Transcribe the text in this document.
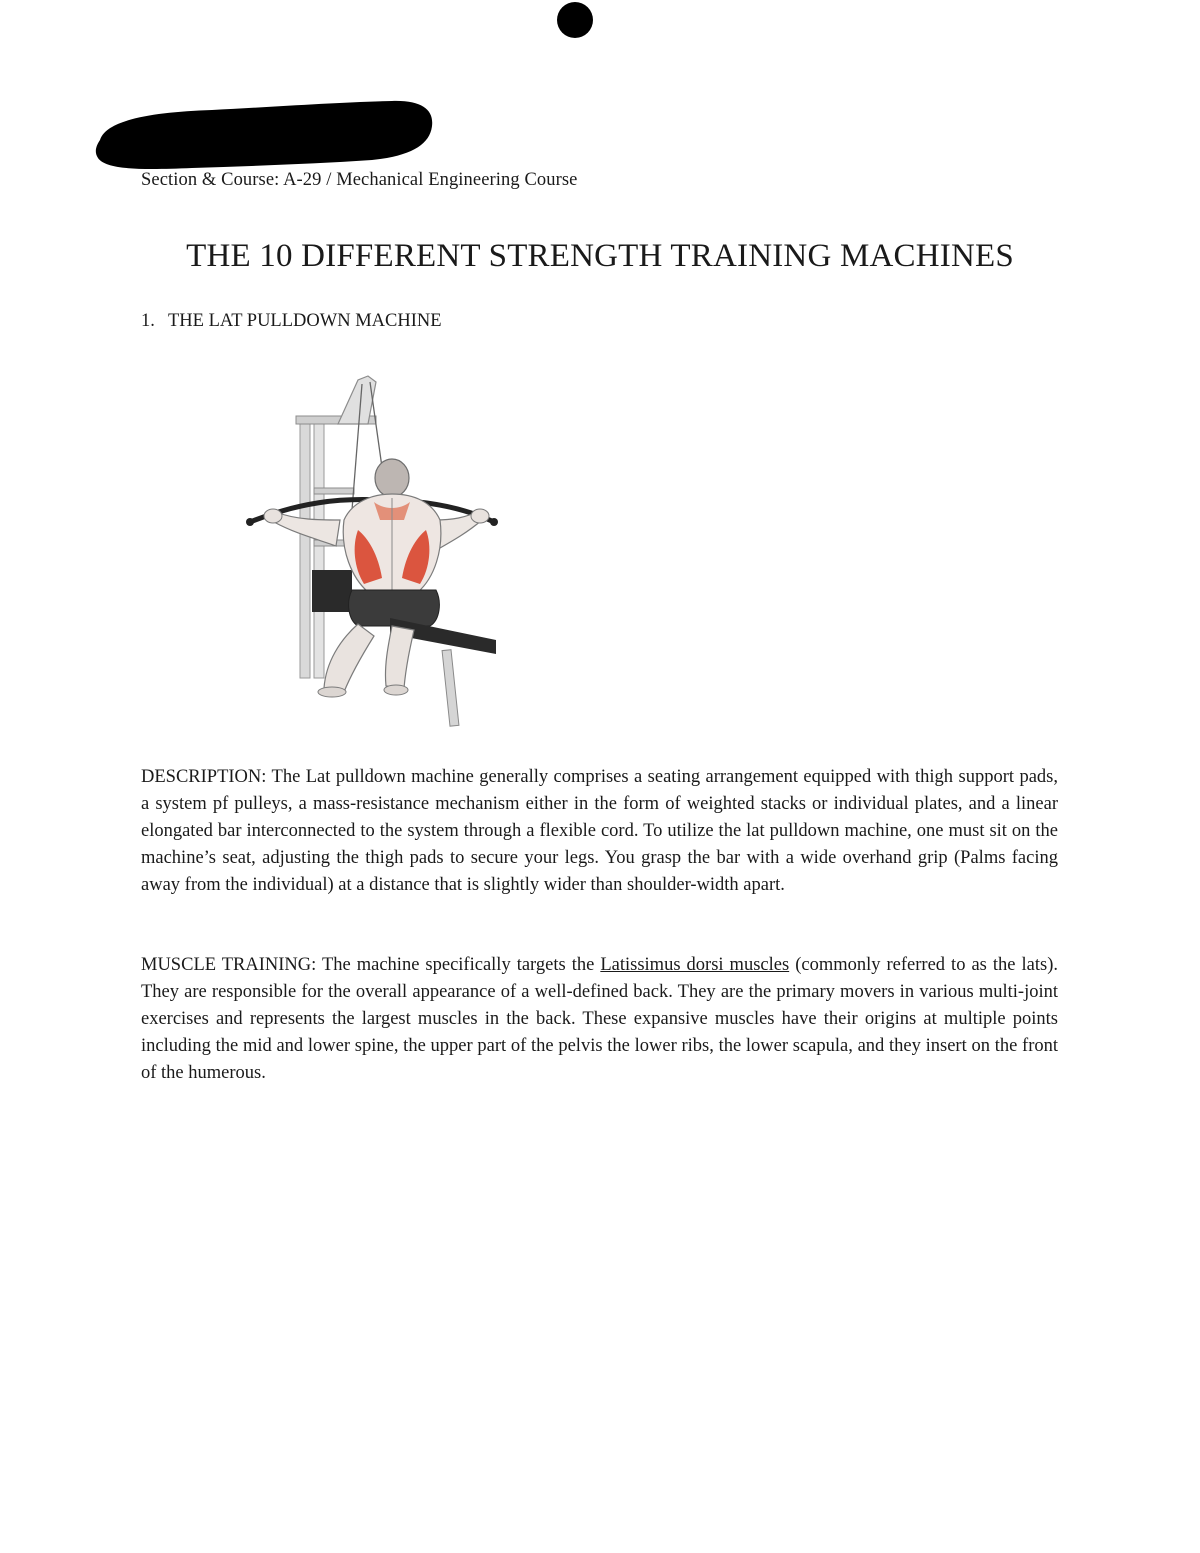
Section & Course: A-29 / Mechanical Engineering Course
THE 10 DIFFERENT STRENGTH TRAINING MACHINES
1. THE LAT PULLDOWN MACHINE

DESCRIPTION: The Lat pulldown machine generally comprises a seating arrangement equipped with thigh support pads, a system pf pulleys, a mass-resistance mechanism either in the form of weighted stacks or individual plates, and a linear elongated bar interconnected to the system through a flexible cord. To utilize the lat pulldown machine, one must sit on the machine’s seat, adjusting the thigh pads to secure your legs. You grasp the bar with a wide overhand grip (Palms facing away from the individual) at a distance that is slightly wider than shoulder-width apart.

MUSCLE TRAINING: The machine specifically targets the Latissimus dorsi muscles (commonly referred to as the lats). They are responsible for the overall appearance of a well-defined back. They are the primary movers in various multi-joint exercises and represents the largest muscles in the back. These expansive muscles have their origins at multiple points including the mid and lower spine, the upper part of the pelvis the lower ribs, the lower scapula, and they insert on the front of the humerous.
